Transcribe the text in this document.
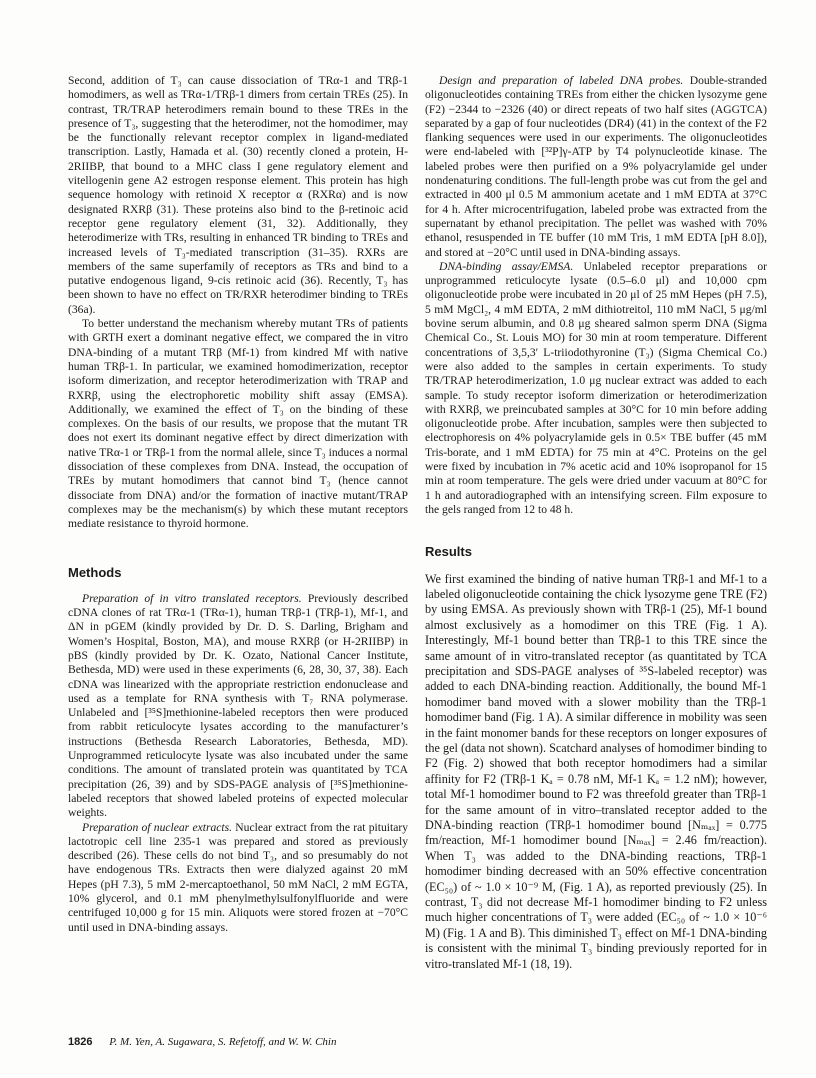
Second, addition of T₃ can cause dissociation of TRα-1 and TRβ-1 homodimers, as well as TRα-1/TRβ-1 dimers from certain TREs (25). In contrast, TR/TRAP heterodimers remain bound to these TREs in the presence of T₃, suggesting that the heterodimer, not the homodimer, may be the functionally relevant receptor complex in ligand-mediated transcription. Lastly, Hamada et al. (30) recently cloned a protein, H-2RIIBP, that bound to a MHC class I gene regulatory element and vitellogenin gene A2 estrogen response element. This protein has high sequence homology with retinoid X receptor α (RXRα) and is now designated RXRβ (31). These proteins also bind to the β-retinoic acid receptor gene regulatory element (31, 32). Additionally, they heterodimerize with TRs, resulting in enhanced TR binding to TREs and increased levels of T₃-mediated transcription (31–35). RXRs are members of the same superfamily of receptors as TRs and bind to a putative endogenous ligand, 9-cis retinoic acid (36). Recently, T₃ has been shown to have no effect on TR/RXR heterodimer binding to TREs (36a).

To better understand the mechanism whereby mutant TRs of patients with GRTH exert a dominant negative effect, we compared the in vitro DNA-binding of a mutant TRβ (Mf-1) from kindred Mf with native human TRβ-1. In particular, we examined homodimerization, receptor isoform dimerization, and receptor heterodimerization with TRAP and RXRβ, using the electrophoretic mobility shift assay (EMSA). Additionally, we examined the effect of T₃ on the binding of these complexes. On the basis of our results, we propose that the mutant TR does not exert its dominant negative effect by direct dimerization with native TRα-1 or TRβ-1 from the normal allele, since T₃ induces a normal dissociation of these complexes from DNA. Instead, the occupation of TREs by mutant homodimers that cannot bind T₃ (hence cannot dissociate from DNA) and/or the formation of inactive mutant/TRAP complexes may be the mechanism(s) by which these mutant receptors mediate resistance to thyroid hormone.

Methods

Preparation of in vitro translated receptors. Previously described cDNA clones of rat TRα-1 (TRα-1), human TRβ-1 (TRβ-1), Mf-1, and ΔN in pGEM (kindly provided by Dr. D. S. Darling, Brigham and Women’s Hospital, Boston, MA), and mouse RXRβ (or H-2RIIBP) in pBS (kindly provided by Dr. K. Ozato, National Cancer Institute, Bethesda, MD) were used in these experiments (6, 28, 30, 37, 38). Each cDNA was linearized with the appropriate restriction endonuclease and used as a template for RNA synthesis with T₇ RNA polymerase. Unlabeled and [³⁵S]methionine-labeled receptors then were produced from rabbit reticulocyte lysates according to the manufacturer’s instructions (Bethesda Research Laboratories, Bethesda, MD). Unprogrammed reticulocyte lysate was also incubated under the same conditions. The amount of translated protein was quantitated by TCA precipitation (26, 39) and by SDS-PAGE analysis of [³⁵S]methionine-labeled receptors that showed labeled proteins of expected molecular weights.

Preparation of nuclear extracts. Nuclear extract from the rat pituitary lactotropic cell line 235-1 was prepared and stored as previously described (26). These cells do not bind T₃, and so presumably do not have endogenous TRs. Extracts then were dialyzed against 20 mM Hepes (pH 7.3), 5 mM 2-mercaptoethanol, 50 mM NaCl, 2 mM EGTA, 10% glycerol, and 0.1 mM phenylmethylsulfonylfluoride and were centrifuged 10,000 g for 15 min. Aliquots were stored frozen at −70°C until used in DNA-binding assays.

Design and preparation of labeled DNA probes. Double-stranded oligonucleotides containing TREs from either the chicken lysozyme gene (F2) −2344 to −2326 (40) or direct repeats of two half sites (AGGTCA) separated by a gap of four nucleotides (DR4) (41) in the context of the F2 flanking sequences were used in our experiments. The oligonucleotides were end-labeled with [³²P]γ-ATP by T4 polynucleotide kinase. The labeled probes were then purified on a 9% polyacrylamide gel under nondenaturing conditions. The full-length probe was cut from the gel and extracted in 400 μl 0.5 M ammonium acetate and 1 mM EDTA at 37°C for 4 h. After microcentrifugation, labeled probe was extracted from the supernatant by ethanol precipitation. The pellet was washed with 70% ethanol, resuspended in TE buffer (10 mM Tris, 1 mM EDTA [pH 8.0]), and stored at −20°C until used in DNA-binding assays.

DNA-binding assay/EMSA. Unlabeled receptor preparations or unprogrammed reticulocyte lysate (0.5–6.0 μl) and 10,000 cpm oligonucleotide probe were incubated in 20 μl of 25 mM Hepes (pH 7.5), 5 mM MgCl₂, 4 mM EDTA, 2 mM dithiotreitol, 110 mM NaCl, 5 μg/ml bovine serum albumin, and 0.8 μg sheared salmon sperm DNA (Sigma Chemical Co., St. Louis MO) for 30 min at room temperature. Different concentrations of 3,5,3′ L-triiodothyronine (T₃) (Sigma Chemical Co.) were also added to the samples in certain experiments. To study TR/TRAP heterodimerization, 1.0 μg nuclear extract was added to each sample. To study receptor isoform dimerization or heterodimerization with RXRβ, we preincubated samples at 30°C for 10 min before adding oligonucleotide probe. After incubation, samples were then subjected to electrophoresis on 4% polyacrylamide gels in 0.5× TBE buffer (45 mM Tris-borate, and 1 mM EDTA) for 75 min at 4°C. Proteins on the gel were fixed by incubation in 7% acetic acid and 10% isopropanol for 15 min at room temperature. The gels were dried under vacuum at 80°C for 1 h and autoradiographed with an intensifying screen. Film exposure to the gels ranged from 12 to 48 h.

Results

We first examined the binding of native human TRβ-1 and Mf-1 to a labeled oligonucleotide containing the chick lysozyme gene TRE (F2) by using EMSA. As previously shown with TRβ-1 (25), Mf-1 bound almost exclusively as a homodimer on this TRE (Fig. 1 A). Interestingly, Mf-1 bound better than TRβ-1 to this TRE since the same amount of in vitro-translated receptor (as quantitated by TCA precipitation and SDS-PAGE analyses of ³⁵S-labeled receptor) was added to each DNA-binding reaction. Additionally, the bound Mf-1 homodimer band moved with a slower mobility than the TRβ-1 homodimer band (Fig. 1 A). A similar difference in mobility was seen in the faint monomer bands for these receptors on longer exposures of the gel (data not shown). Scatchard analyses of homodimer binding to F2 (Fig. 2) showed that both receptor homodimers had a similar affinity for F2 (TRβ-1 Kₐ = 0.78 nM, Mf-1 Kₐ = 1.2 nM); however, total Mf-1 homodimer bound to F2 was threefold greater than TRβ-1 for the same amount of in vitro–translated receptor added to the DNA-binding reaction (TRβ-1 homodimer bound [Nₘₐₓ] = 0.775 fm/reaction, Mf-1 homodimer bound [Nₘₐₓ] = 2.46 fm/reaction). When T₃ was added to the DNA-binding reactions, TRβ-1 homodimer binding decreased with an 50% effective concentration (EC₅₀) of ~ 1.0 × 10⁻⁹ M, (Fig. 1 A), as reported previously (25). In contrast, T₃ did not decrease Mf-1 homodimer binding to F2 unless much higher concentrations of T₃ were added (EC₅₀ of ~ 1.0 × 10⁻⁶ M) (Fig. 1 A and B). This diminished T₃ effect on Mf-1 DNA-binding is consistent with the minimal T₃ binding previously reported for in vitro-translated Mf-1 (18, 19).

1826 P. M. Yen, A. Sugawara, S. Refetoff, and W. W. Chin
